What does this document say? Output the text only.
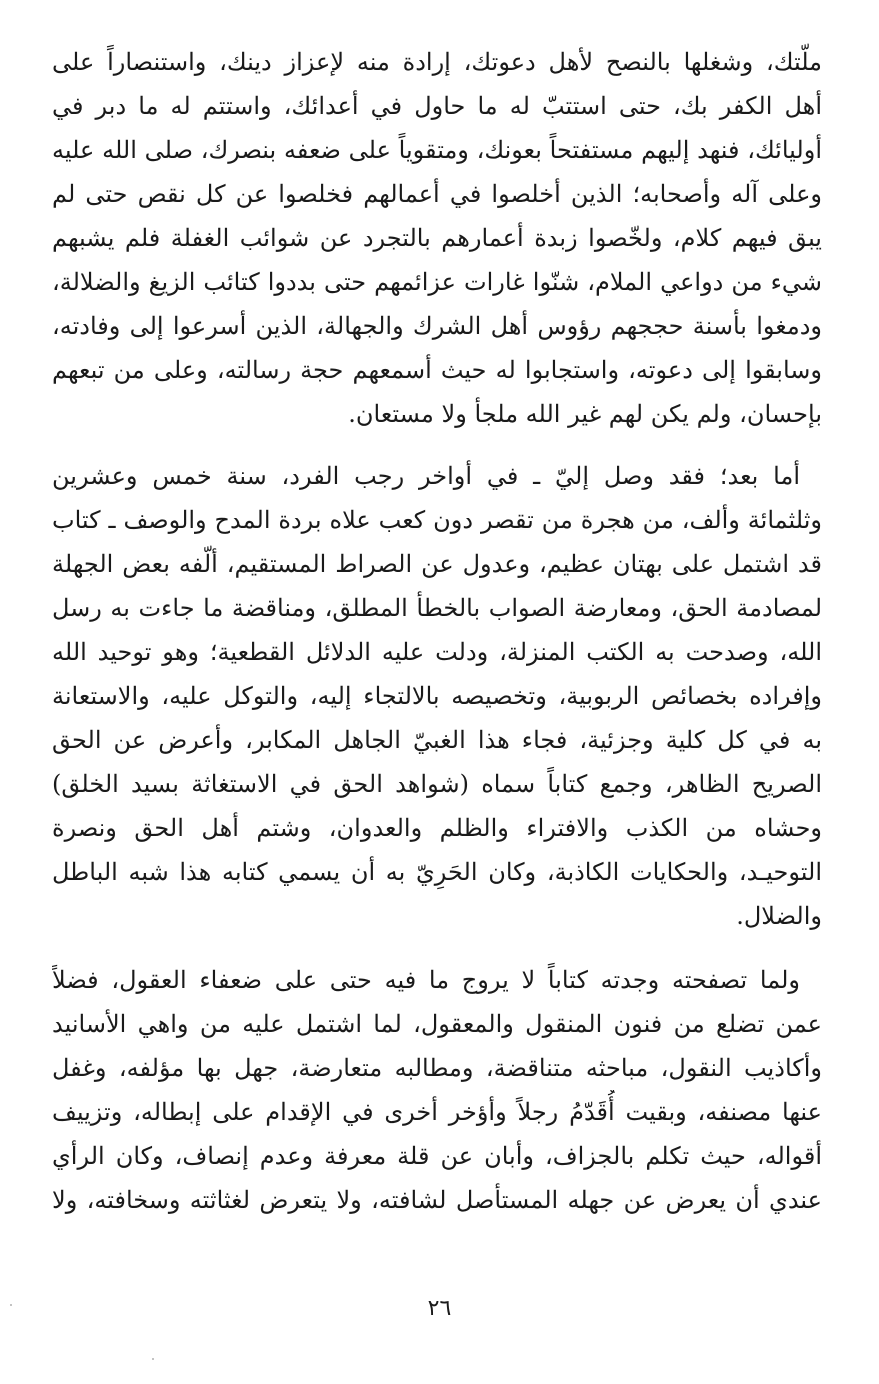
ملّتك، وشغلها بالنصح لأهل دعوتك، إرادة منه لإعزاز دينك، واستنصاراً على
أهل الكفر بك، حتى استتبّ له ما حاول في أعدائك، واستتم له ما دبر في
أوليائك، فنهد إليهم مستفتحاً بعونك، ومتقوياً على ضعفه بنصرك، صلى الله عليه
وعلى آله وأصحابه؛ الذين أخلصوا في أعمالهم فخلصوا عن كل نقص حتى لم
يبق فيهم كلام، ولخّصوا زبدة أعمارهم بالتجرد عن شوائب الغفلة فلم يشبهم
شيء من دواعي الملام، شنّوا غارات عزائمهم حتى بددوا كتائب الزيغ والضلالة،
ودمغوا بأسنة حججهم رؤوس أهل الشرك والجهالة، الذين أسرعوا إلى وفادته،
وسابقوا إلى دعوته، واستجابوا له حيث أسمعهم حجة رسالته، وعلى من تبعهم
بإحسان، ولم يكن لهم غير الله ملجأ ولا مستعان.
أما بعد؛ فقد وصل إليّ ـ في أواخر رجب الفرد، سنة خمس وعشرين
وثلثمائة وألف، من هجرة من تقصر دون كعب علاه بردة المدح والوصف ـ كتاب
قد اشتمل على بهتان عظيم، وعدول عن الصراط المستقيم، ألّفه بعض الجهلة
لمصادمة الحق، ومعارضة الصواب بالخطأ المطلق، ومناقضة ما جاءت به رسل
الله، وصدحت به الكتب المنزلة، ودلت عليه الدلائل القطعية؛ وهو توحيد الله
وإفراده بخصائص الربوبية، وتخصيصه بالالتجاء إليه، والتوكل عليه، والاستعانة
به في كل كلية وجزئية، فجاء هذا الغبيّ الجاهل المكابر، وأعرض عن الحق
الصريح الظاهر، وجمع كتاباً سماه (شواهد الحق في الاستغاثة بسيد الخلق)
وحشاه من الكذب والافتراء والظلم والعدوان، وشتم أهل الحق ونصرة
التوحيـد، والحكايات الكاذبة، وكان الحَرِيّ به أن يسمي كتابه هذا شبه الباطل
والضلال.
ولما تصفحته وجدته كتاباً لا يروج ما فيه حتى على ضعفاء العقول، فضلاً
عمن تضلع من فنون المنقول والمعقول، لما اشتمل عليه من واهي الأسانيد
وأكاذيب النقول، مباحثه متناقضة، ومطالبه متعارضة، جهل بها مؤلفه، وغفل
عنها مصنفه، وبقيت أُقَدّمُ رجلاً وأؤخر أخرى في الإقدام على إبطاله، وتزييف
أقواله، حيث تكلم بالجزاف، وأبان عن قلة معرفة وعدم إنصاف، وكان الرأي
عندي أن يعرض عن جهله المستأصل لشافته، ولا يتعرض لغثاثته وسخافته، ولا
٢٦
